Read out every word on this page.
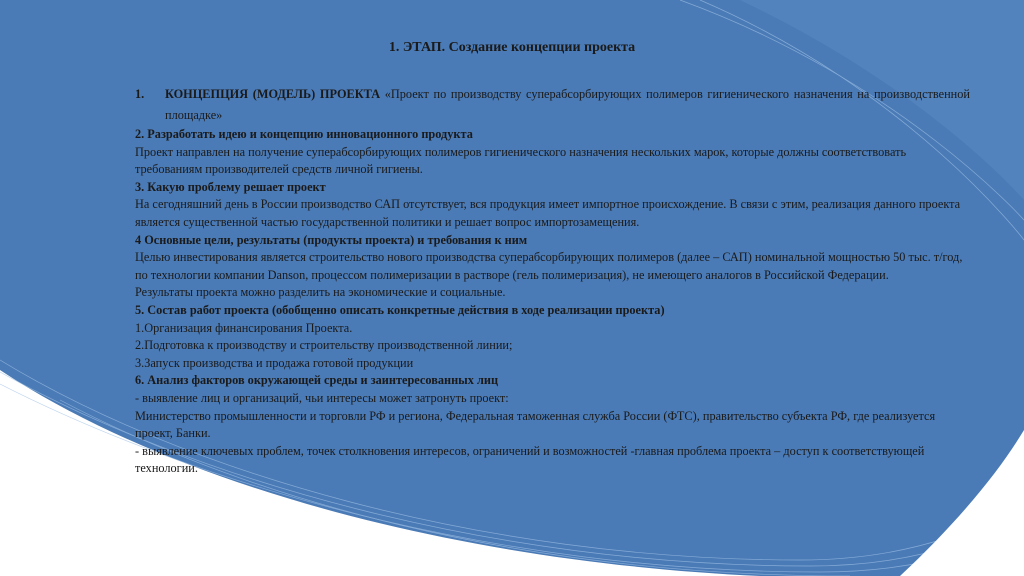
1. ЭТАП. Создание концепции проекта
1.	КОНЦЕПЦИЯ (МОДЕЛЬ) ПРОЕКТА «Проект по производству суперабсорбирующих полимеров гигиенического назначения на производственной площадке»

2. Разработать идею и концепцию инновационного продукта

Проект направлен на получение суперабсорбирующих полимеров гигиенического назначения нескольких марок, которые должны соответствовать требованиям производителей средств личной гигиены.

3. Какую проблему решает проект

На сегодняшний день в России производство САП отсутствует, вся продукция имеет импортное происхождение. В связи с этим, реализация данного проекта является существенной частью государственной политики и решает вопрос импортозамещения.

4 Основные цели, результаты (продукты проекта) и требования к ним

Целью инвестирования является строительство нового производства суперабсорбирующих полимеров (далее – САП) номинальной мощностью 50 тыс. т/год, по технологии компании Danson, процессом полимеризации в растворе (гель полимеризация), не имеющего аналогов в Российской Федерации.

Результаты проекта можно разделить на экономические и социальные.

5. Состав работ проекта (обобщенно описать конкретные действия в ходе реализации проекта)

1.Организация финансирования Проекта.

2.Подготовка к производству и строительству производственной линии;

3.Запуск производства и продажа готовой продукции

6. Анализ факторов окружающей среды и заинтересованных лиц

- выявление лиц и организаций, чьи интересы может затронуть проект:

Министерство промышленности и торговли РФ и региона, Федеральная таможенная служба России (ФТС), правительство субъекта РФ, где реализуется проект, Банки.

- выявление ключевых проблем, точек столкновения интересов, ограничений и возможностей -главная проблема проекта – доступ к соответствующей технологии.
